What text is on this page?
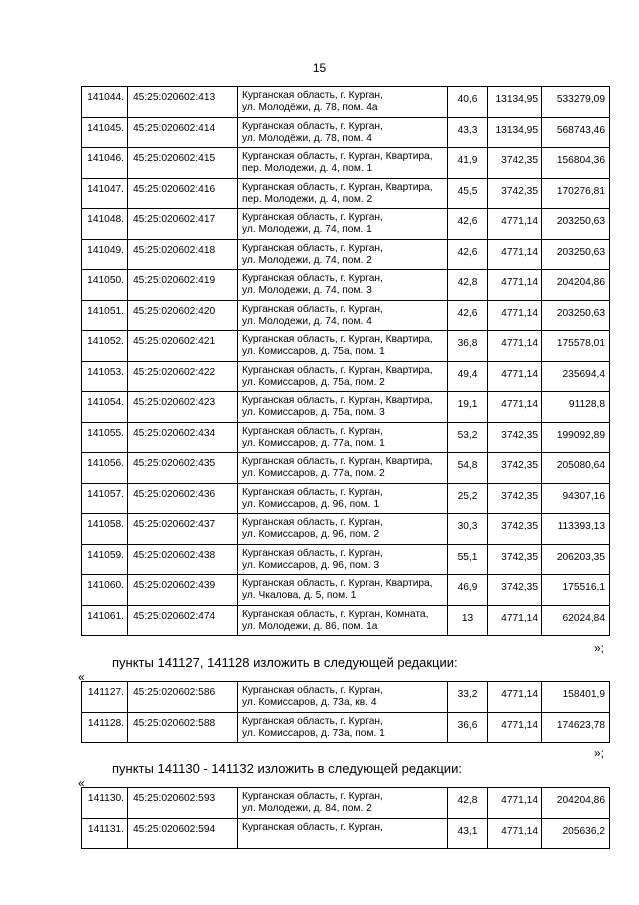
15
141044.	45:25:020602:413	Курганская область, г. Курган,
ул. Молодёжи, д. 78, пом. 4а	40,6	13134,95	533279,09
141045.	45:25:020602:414	Курганская область, г. Курган,
ул. Молодёжи, д. 78, пом. 4	43,3	13134,95	568743,46
141046.	45:25:020602:415	Курганская область, г. Курган, Квартира,
пер. Молодежи, д. 4, пом. 1	41,9	3742,35	156804,36
141047.	45:25:020602:416	Курганская область, г. Курган, Квартира,
пер. Молодежи, д. 4, пом. 2	45,5	3742,35	170276,81
141048.	45:25:020602:417	Курганская область, г. Курган,
ул. Молодежи, д. 74, пом. 1	42,6	4771,14	203250,63
141049.	45:25:020602:418	Курганская область, г. Курган,
ул. Молодежи, д. 74, пом. 2	42,6	4771,14	203250,63
141050.	45:25:020602:419	Курганская область, г. Курган,
ул. Молодежи, д. 74, пом. 3	42,8	4771,14	204204,86
141051.	45:25:020602:420	Курганская область, г. Курган,
ул. Молодежи, д. 74, пом. 4	42,6	4771,14	203250,63
141052.	45:25:020602:421	Курганская область, г. Курган, Квартира,
ул. Комиссаров, д. 75а, пом. 1	36,8	4771,14	175578,01
141053.	45:25:020602:422	Курганская область, г. Курган, Квартира,
ул. Комиссаров, д. 75а, пом. 2	49,4	4771,14	235694,4
141054.	45:25:020602:423	Курганская область, г. Курган, Квартира,
ул. Комиссаров, д. 75а, пом. 3	19,1	4771,14	91128,8
141055.	45:25:020602:434	Курганская область, г. Курган,
ул. Комиссаров, д. 77а, пом. 1	53,2	3742,35	199092,89
141056.	45:25:020602:435	Курганская область, г. Курган, Квартира,
ул. Комиссаров, д. 77а, пом. 2	54,8	3742,35	205080,64
141057.	45:25:020602:436	Курганская область, г. Курган,
ул. Комиссаров, д. 96, пом. 1	25,2	3742,35	94307,16
141058.	45:25:020602:437	Курганская область, г. Курган,
ул. Комиссаров, д. 96, пом. 2	30,3	3742,35	113393,13
141059.	45:25:020602:438	Курганская область, г. Курган,
ул. Комиссаров, д. 96, пом. 3	55,1	3742,35	206203,35
141060.	45:25:020602:439	Курганская область, г. Курган, Квартира,
ул. Чкалова, д. 5, пом. 1	46,9	3742,35	175516,1
141061.	45:25:020602:474	Курганская область, г. Курган, Комната,
ул. Молодежи, д. 86, пом. 1а	13	4771,14	62024,84
»;
пункты 141127, 141128 изложить в следующей редакции:
«
141127.	45:25:020602:586	Курганская область, г. Курган,
ул. Комиссаров, д. 73а, кв. 4	33,2	4771,14	158401,9
141128.	45:25:020602:588	Курганская область, г. Курган,
ул. Комиссаров, д. 73а, пом. 1	36,6	4771,14	174623,78
»;
пункты 141130 - 141132 изложить в следующей редакции:
«
141130.	45:25:020602:593	Курганская область, г. Курган,
ул. Молодежи, д. 84, пом. 2	42,8	4771,14	204204,86
141131.	45:25:020602:594	Курганская область, г. Курган,	43,1	4771,14	205636,2
